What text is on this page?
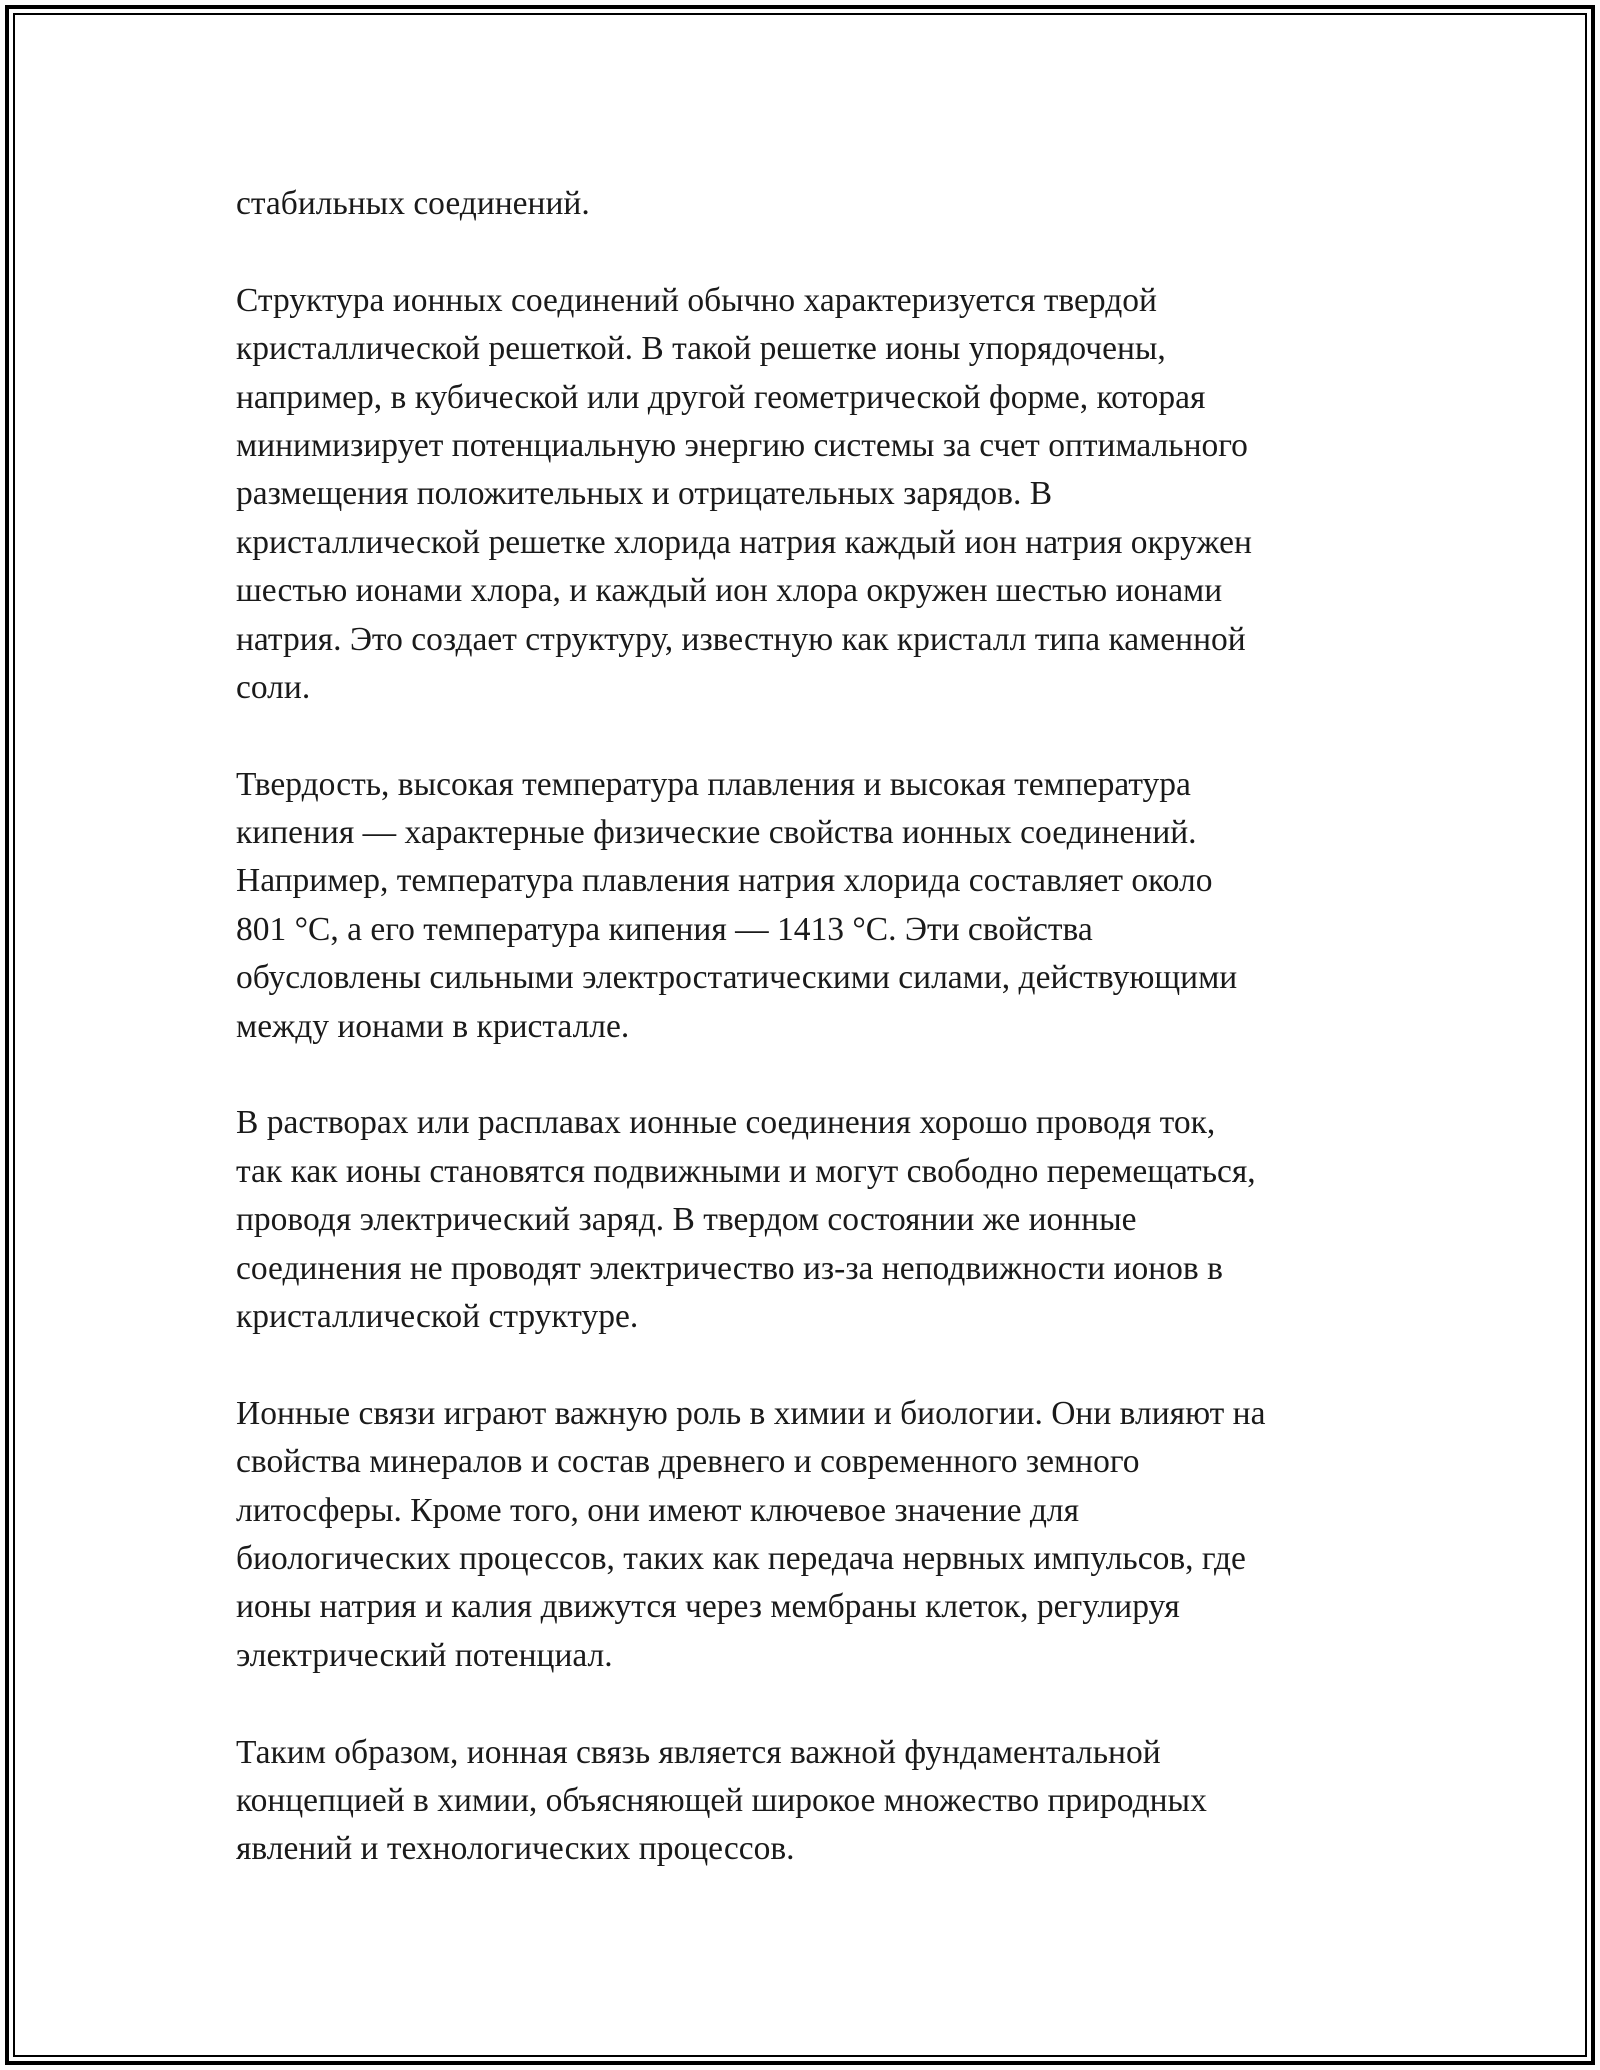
стабильных соединений.

Структура ионных соединений обычно характеризуется твердой
кристаллической решеткой. В такой решетке ионы упорядочены,
например, в кубической или другой геометрической форме, которая
минимизирует потенциальную энергию системы за счет оптимального
размещения положительных и отрицательных зарядов. В
кристаллической решетке хлорида натрия каждый ион натрия окружен
шестью ионами хлора, и каждый ион хлора окружен шестью ионами
натрия. Это создает структуру, известную как кристалл типа каменной
соли.

Твердость, высокая температура плавления и высокая температура
кипения — характерные физические свойства ионных соединений.
Например, температура плавления натрия хлорида составляет около
801 °C, а его температура кипения — 1413 °C. Эти свойства
обусловлены сильными электростатическими силами, действующими
между ионами в кристалле.

В растворах или расплавах ионные соединения хорошо проводя ток,
так как ионы становятся подвижными и могут свободно перемещаться,
проводя электрический заряд. В твердом состоянии же ионные
соединения не проводят электричество из-за неподвижности ионов в
кристаллической структуре.

Ионные связи играют важную роль в химии и биологии. Они влияют на
свойства минералов и состав древнего и современного земного
литосферы. Кроме того, они имеют ключевое значение для
биологических процессов, таких как передача нервных импульсов, где
ионы натрия и калия движутся через мембраны клеток, регулируя
электрический потенциал.

Таким образом, ионная связь является важной фундаментальной
концепцией в химии, объясняющей широкое множество природных
явлений и технологических процессов.
